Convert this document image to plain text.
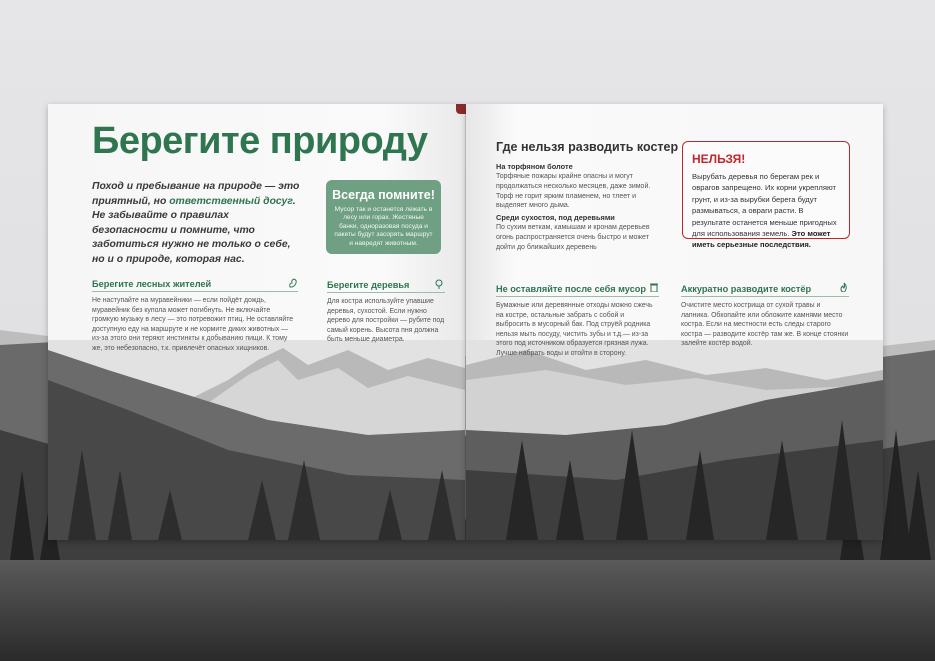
Берегите природу
Поход и пребывание на природе — это приятный, но ответственный досуг. Не забывайте о правилах безопасности и помните, что заботиться нужно не только о себе, но и о природе, которая нас.
Всегда помните!

Мусор так и останется лежать в лесу или горах. Жестяные банки, одноразовая посуда и пакеты будут засорять маршрут и навредят животным.

Берегите лесных жителей
Не наступайте на муравейники — если пойдёт дождь, муравейник без купола может погибнуть. Не включайте громкую музыку в лесу — это потревожит птиц. Не оставляйте доступную еду на маршруте и не кормите диких животных — из-за этого они теряют инстинкты к добыванию пищи. К тому же, это небезопасно, т.к. привлечёт опасных хищников.
Берегите деревья
Для костра используйте упавшие деревья, сухостой. Если нужно дерево для постройки — рубите под самый корень. Высота пня должна быть меньше диаметра.
Где нельзя разводить костер
На торфяном болоте
Торфяные пожары крайне опасны и могут продолжаться несколько месяцев, даже зимой. Торф не горит ярким пламенем, но тлеет и выделяет много дыма.
Среди сухостоя, под деревьями
По сухим веткам, камышам и кронам деревьев огонь распространяется очень быстро и может дойти до ближайших деревень
НЕЛЬЗЯ!

Вырубать деревья по берегам рек и оврагов запрещено. Их корни укрепляют грунт, и из-за вырубки берега будут размываться, а овраги расти. В результате останется меньше пригодных для использования земель. Это может иметь серьезные последствия.

Не оставляйте после себя мусор
Бумажные или деревянные отходы можно сжечь на костре, остальные забрать с собой и выбросить в мусорный бак. Под струёй родника нельзя мыть посуду, чистить зубы и т.д.— из-за этого под источником образуется грязная лужа. Лучше набрать воды и отойти в сторону.
Аккуратно разводите костёр
Очистите место кострища от сухой травы и лапника. Обкопайте или обложите камнями место костра. Если на местности есть следы старого костра — разводите костёр там же. В конце стоянки залейте костёр водой.
